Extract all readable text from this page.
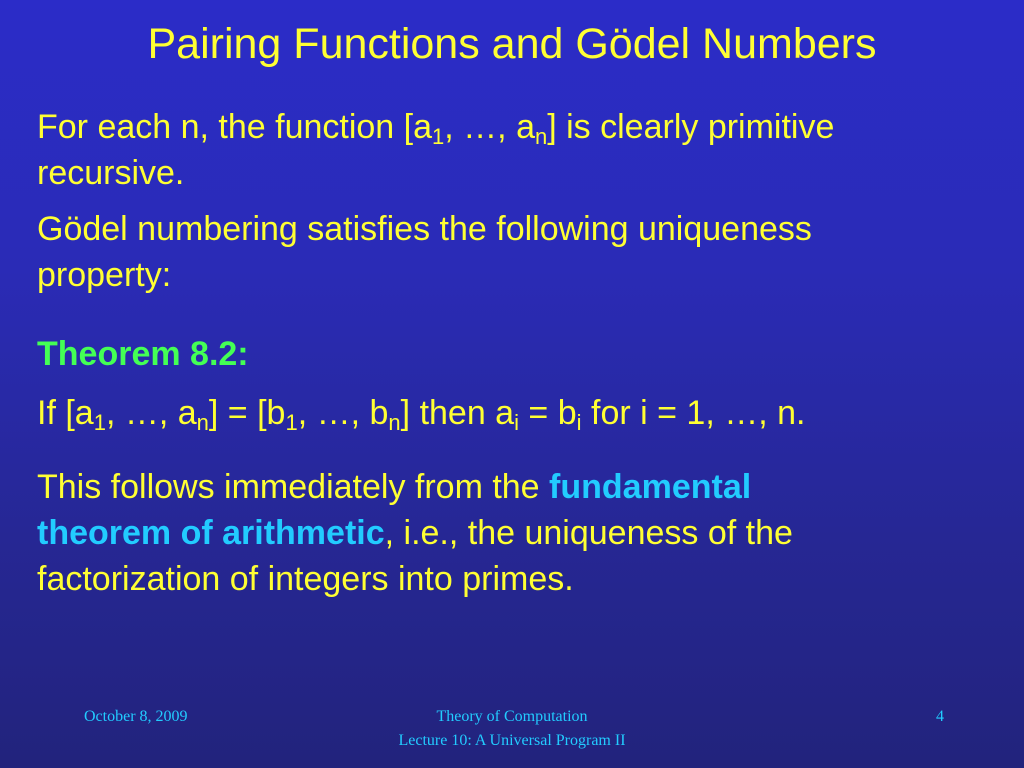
Pairing Functions and Gödel Numbers
For each n, the function [$a_1$, …, $a_n$] is clearly primitive
recursive.
Gödel numbering satisfies the following uniqueness
property:
Theorem 8.2:
If [$a_1$, …, $a_n] = [b_1$, …, $b_n$] then $a_i = b_i$ for i = 1, …, n.
This follows immediately from the fundamental
theorem of arithmetic, i.e., the uniqueness of the
factorization of integers into primes.
October 8, 2009	Theory of Computation
Lecture 10: A Universal Program II
4
